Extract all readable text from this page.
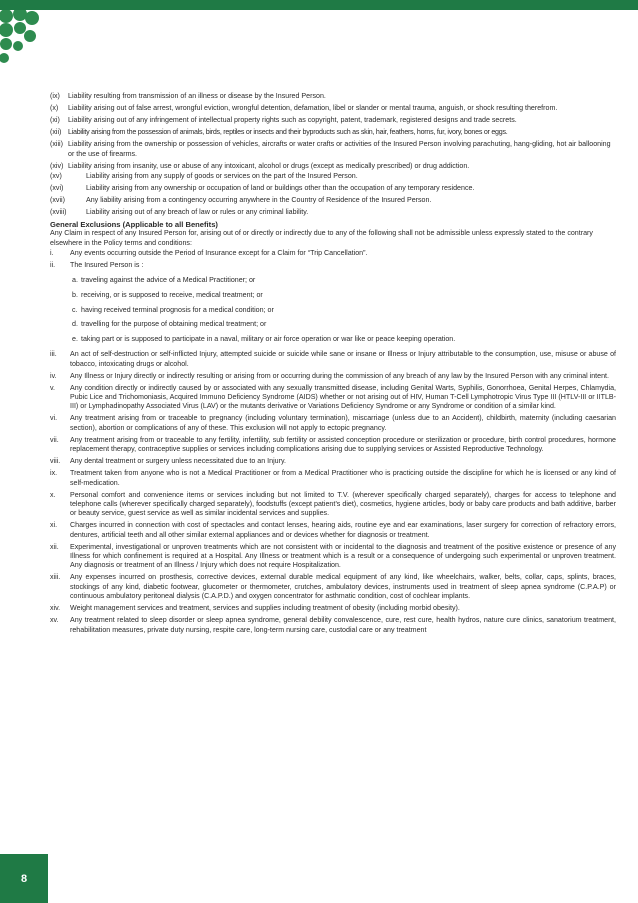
(ix)	Liability resulting from transmission of an illness or disease by the Insured Person.
(x)	Liability arising out of false arrest, wrongful eviction, wrongful detention, defamation, libel or slander or mental trauma, anguish, or shock resulting therefrom.
(xi)	Liability arising out of any infringement of intellectual property rights such as copyright, patent, trademark, registered designs and trade secrets.
(xii) Liability arising from the possession of animals, birds, reptiles or insects and their byproducts such as skin, hair, feathers, horns, fur, ivory, bones or eggs.
(xiii) Liability arising from the ownership or possession of vehicles, aircrafts or water crafts or activities of the Insured Person involving parachuting, hang-gliding, hot air ballooning or the use of firearms.
(xiv) Liability arising from insanity, use or abuse of any intoxicant, alcohol or drugs (except as medically prescribed) or drug addiction.
(xv)	Liability arising from any supply of goods or services on the part of the Insured Person.
(xvi)	Liability arising from any ownership or occupation of land or buildings other than the occupation of any temporary residence.
(xvii)	Any liability arising from a contingency occurring anywhere in the Country of Residence of the Insured Person.
(xviii)	Liability arising out of any breach of law or rules or any criminal liability.
General Exclusions (Applicable to all Benefits)
Any Claim in respect of any Insured Person for, arising out of or directly or indirectly due to any of the following shall not be admissible unless expressly stated to the contrary elsewhere in the Policy terms and conditions:
i.	Any events occurring outside the Period of Insurance except for a Claim for “Trip Cancellation”.
ii.	The Insured Person is :
a. traveling against the advice of a Medical Practitioner; or
b. receiving, or is supposed to receive, medical treatment; or
c. having received terminal prognosis for a medical condition; or
d. travelling for the purpose of obtaining medical treatment; or
e. taking part or is supposed to participate in a naval, military or air force operation or war like or peace keeping operation.
iii.	An act of self-destruction or self-inflicted Injury, attempted suicide or suicide while sane or insane or Illness or Injury attributable to the consumption, use, misuse or abuse of tobacco, intoxicating drugs or alcohol.
iv.	Any Illness or Injury directly or indirectly resulting or arising from or occurring during the commission of any breach of any law by the Insured Person with any criminal intent.
v.	Any condition directly or indirectly caused by or associated with any sexually transmitted disease, including Genital Warts, Syphilis, Gonorrhoea, Genital Herpes, Chlamydia, Pubic Lice and Trichomoniasis, Acquired Immuno Deficiency Syndrome (AIDS) whether or not arising out of HIV, Human T-Cell Lymphotropic Virus Type III (HTLV-III or IITLB-III) or Lymphadinopathy Associated Virus (LAV) or the mutants derivative or Variations Deficiency Syndrome or any Syndrome or condition of a similar kind.
vi.	Any treatment arising from or traceable to pregnancy (including voluntary termination), miscarriage (unless due to an Accident), childbirth, maternity (including caesarian section), abortion or complications of any of these. This exclusion will not apply to ectopic pregnancy.
vii.	Any treatment arising from or traceable to any fertility, infertility, sub fertility or assisted conception procedure or sterilization or procedure, birth control procedures, hormone replacement therapy, contraceptive supplies or services including complications arising due to supplying services or Assisted Reproductive Technology.
viii.	Any dental treatment or surgery unless necessitated due to an Injury.
ix.	Treatment taken from anyone who is not a Medical Practitioner or from a Medical Practitioner who is practicing outside the discipline for which he is licensed or any kind of self-medication.
x.	Personal comfort and convenience items or services including but not limited to T.V. (wherever specifically charged separately), charges for access to telephone and telephone calls (wherever specifically charged separately), foodstuffs (except patient’s diet), cosmetics, hygiene articles, body or baby care products and bath additive, barber or beauty service, guest service as well as similar incidental services and supplies.
xi.	Charges incurred in connection with cost of spectacles and contact lenses, hearing aids, routine eye and ear examinations, laser surgery for correction of refractory errors, dentures, artificial teeth and all other similar external appliances and or devices whether for diagnosis or treatment.
xii.	Experimental, investigational or unproven treatments which are not consistent with or incidental to the diagnosis and treatment of the positive existence or presence of any Illness for which confinement is required at a Hospital. Any Illness or treatment which is a result or a consequence of undergoing such experimental or unproven treatment. Any diagnosis or treatment of an Illness / Injury which does not require Hospitalization.
xiii.	Any expenses incurred on prosthesis, corrective devices, external durable medical equipment of any kind, like wheelchairs, walker, belts, collar, caps, splints, braces, stockings of any kind, diabetic footwear, glucometer or thermometer, crutches, ambulatory devices, instruments used in treatment of sleep apnea syndrome (C.P.A.P) or continuous ambulatory peritoneal dialysis (C.A.P.D.) and oxygen concentrator for asthmatic condition, cost of cochlear implants.
xiv.	Weight management services and treatment, services and supplies including treatment of obesity (including morbid obesity).
xv.	Any treatment related to sleep disorder or sleep apnea syndrome, general debility convalescence, cure, rest cure, health hydros, nature cure clinics, sanatorium treatment, rehabilitation measures, private duty nursing, respite care, long-term nursing care, custodial care or any treatment
8
